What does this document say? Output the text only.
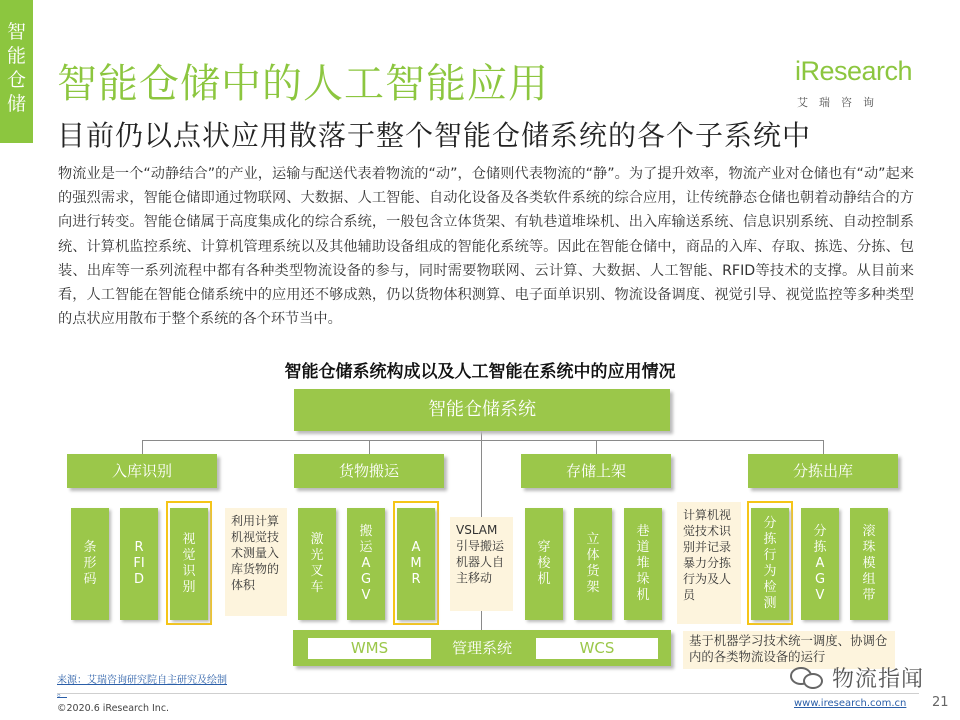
智
能
仓
储 智能仓储中的人工智能应用
目前仍以点状应用散落于整个智能仓储系统的各个子系统中
iResearch
艾瑞咨询
物流业是一个“动静结合”的产业，运输与配送代表着物流的“动”，仓储则代表物流的“静”。为了提升效率，物流产业对仓储也有“动”起来的强烈需求，智能仓储即通过物联网、大数据、人工智能、自动化设备及各类软件系统的综合应用，让传统静态仓储也朝着动静结合的方向进行转变。智能仓储属于高度集成化的综合系统，一般包含立体货架、有轨巷道堆垛机、出入库输送系统、信息识别系统、自动控制系统、计算机监控系统、计算机管理系统以及其他辅助设备组成的智能化系统等。因此在智能仓储中，商品的入库、存取、拣选、分拣、包装、出库等一系列流程中都有各种类型物流设备的参与，同时需要物联网、云计算、大数据、人工智能、RFID等技术的支撑。从目前来看，人工智能在智能仓储系统中的应用还不够成熟，仍以货物体积测算、电子面单识别、物流设备调度、视觉引导、视觉监控等多种类型的点状应用散布于整个系统的各个环节当中。
智能仓储系统构成以及人工智能在系统中的应用情况
智能仓储系统
入库识别	货物搬运	存储上架	分拣出库
条形码
RFID
视觉识别
激光叉车
搬运AGV
AMR
穿梭机
立体货架
巷道堆垛机
分拣行为检测
分拣AGV
滚珠模组带
利用计算机视觉技术测量入库货物的体积
VSLAM引导搬运机器人自主移动
计算机视觉技术识别并记录暴力分拣行为及人员
WMS	管理系统	WCS	基于机器学习技术统一调度、协调仓内的各类物流设备的运行
来源：艾瑞咨询研究院自主研究及绘制
©2020.6 iResearch Inc.	www.iresearch.com.cn 21
物流指闻
